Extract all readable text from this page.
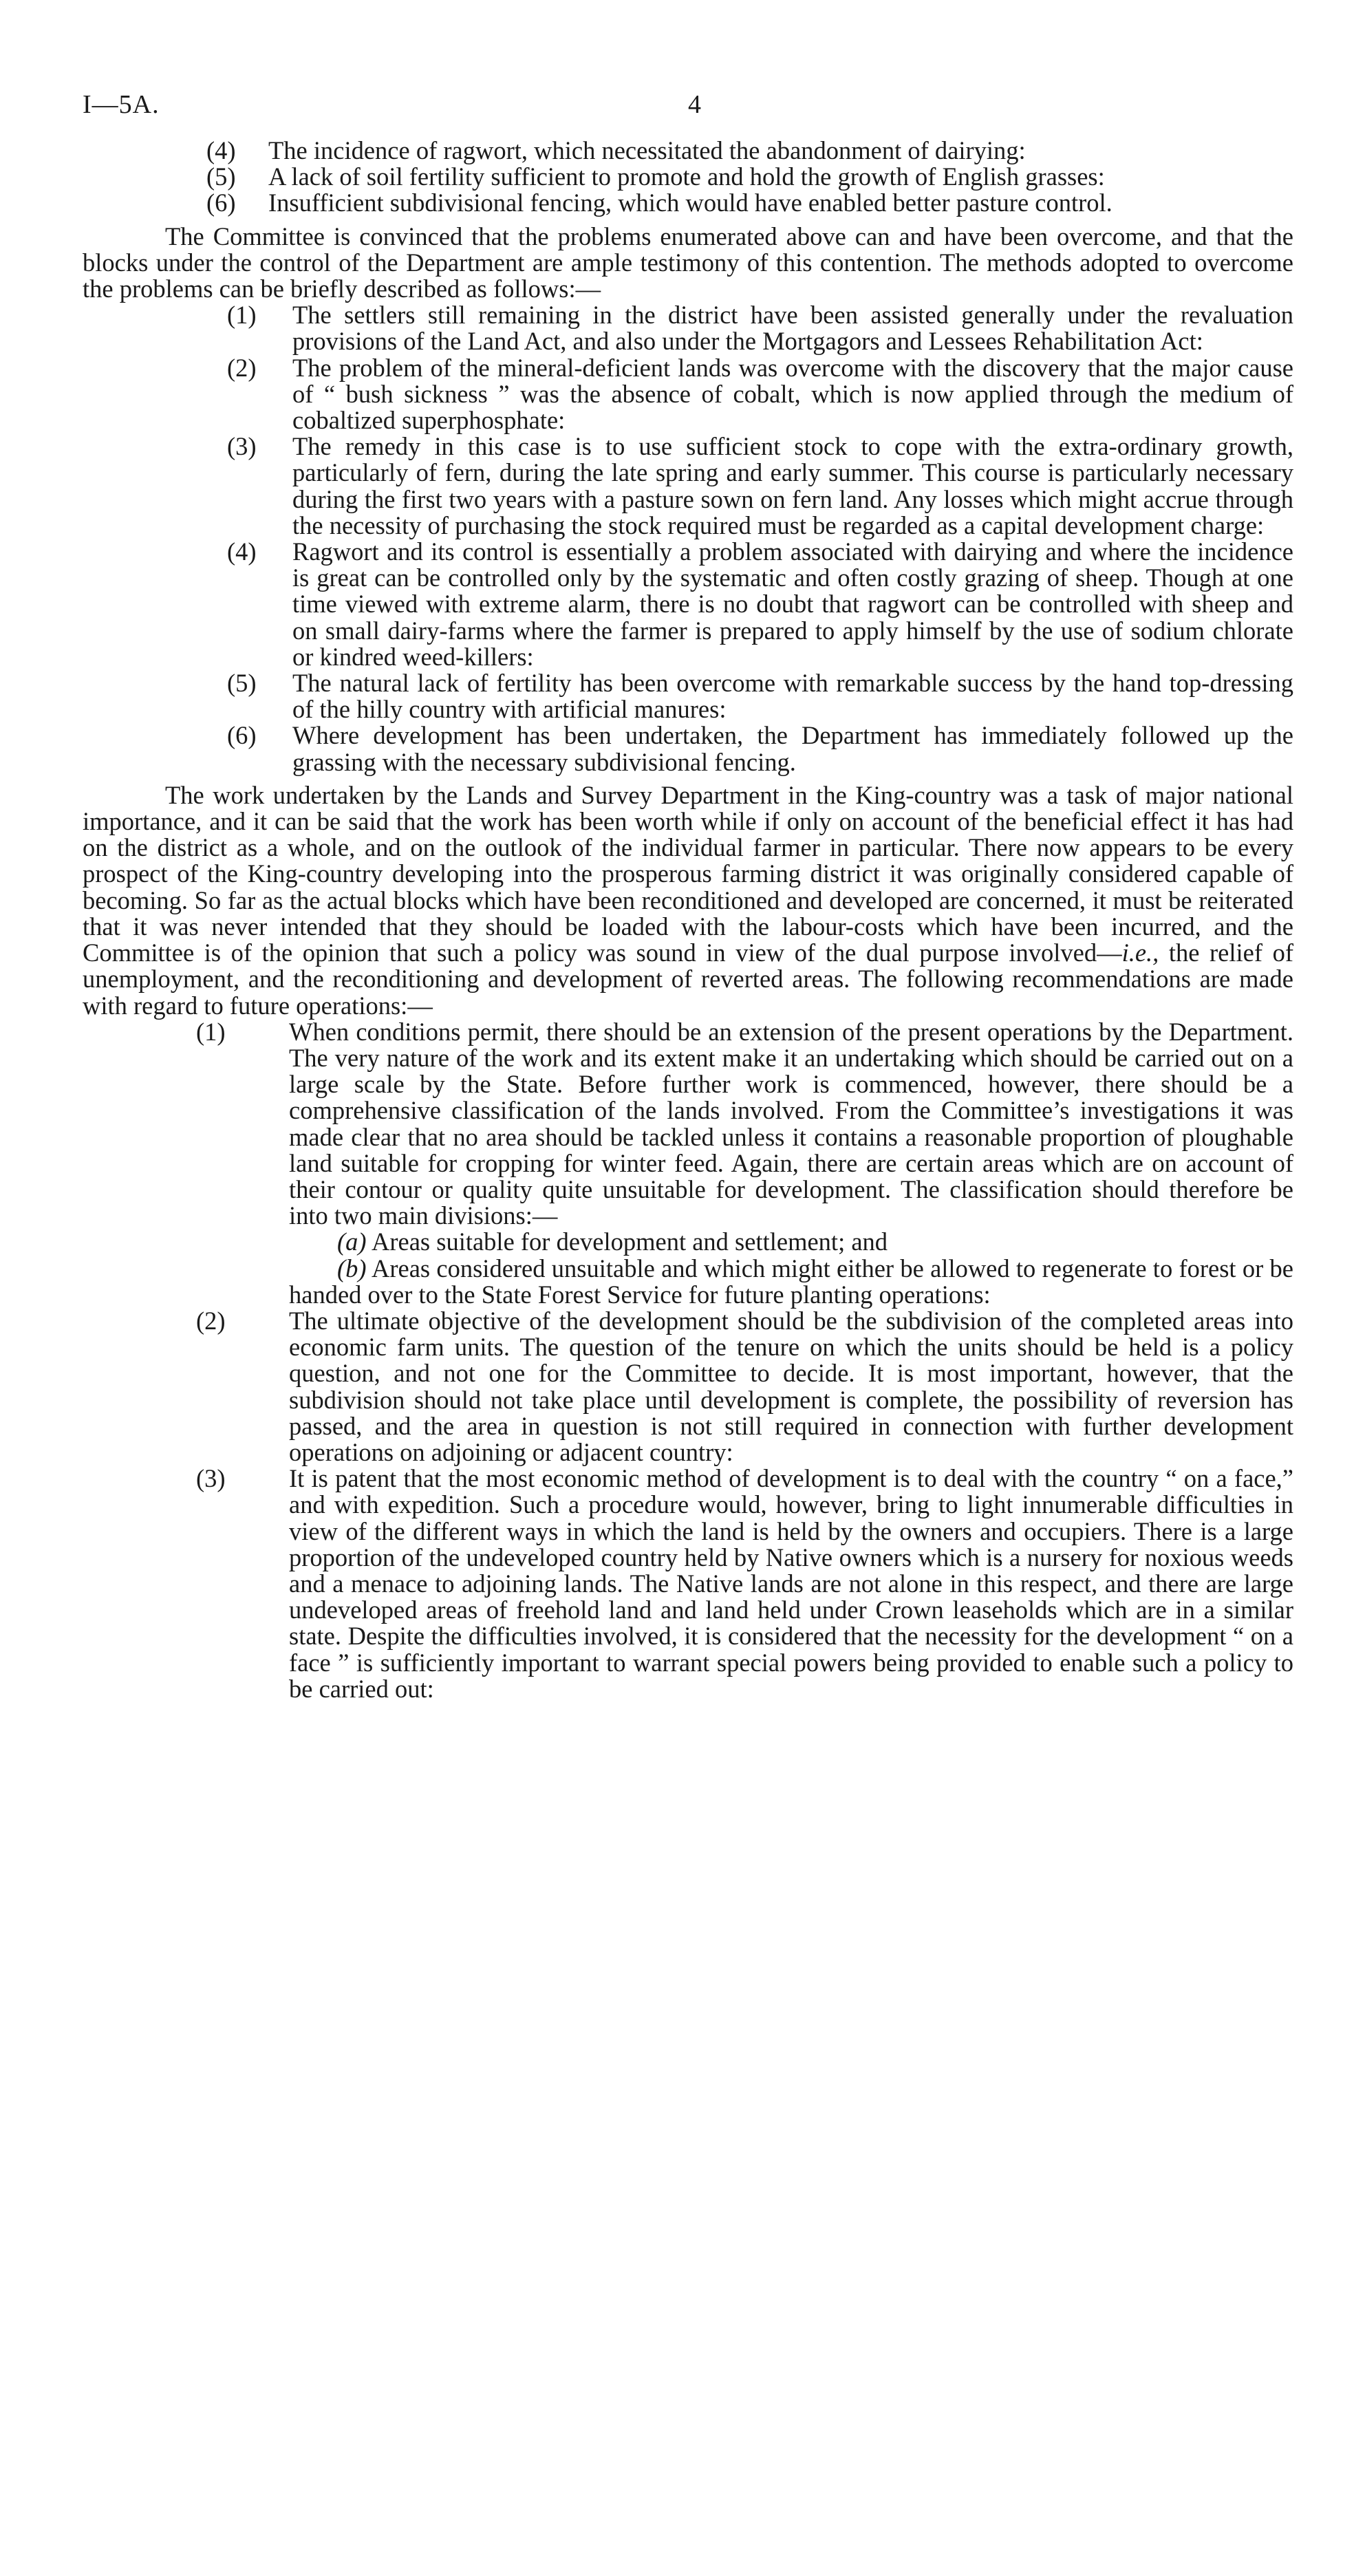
I—5A.	4
(4) The incidence of ragwort, which necessitated the abandonment of dairying:
(5) A lack of soil fertility sufficient to promote and hold the growth of English grasses:
(6) Insufficient subdivisional fencing, which would have enabled better pasture control.

The Committee is convinced that the problems enumerated above can and have been overcome, and that the blocks under the control of the Department are ample testimony of this contention. The methods adopted to overcome the problems can be briefly described as follows:—

(1) The settlers still remaining in the district have been assisted generally under the revaluation provisions of the Land Act, and also under the Mortgagors and Lessees Rehabilitation Act:
(2) The problem of the mineral-deficient lands was overcome with the discovery that the major cause of “ bush sickness ” was the absence of cobalt, which is now applied through the medium of cobaltized superphosphate:
(3) The remedy in this case is to use sufficient stock to cope with the extra-ordinary growth, particularly of fern, during the late spring and early summer. This course is particularly necessary during the first two years with a pasture sown on fern land. Any losses which might accrue through the necessity of purchasing the stock required must be regarded as a capital development charge:
(4) Ragwort and its control is essentially a problem associated with dairying and where the incidence is great can be controlled only by the systematic and often costly grazing of sheep. Though at one time viewed with extreme alarm, there is no doubt that ragwort can be controlled with sheep and on small dairy-farms where the farmer is prepared to apply himself by the use of sodium chlorate or kindred weed-killers:
(5) The natural lack of fertility has been overcome with remarkable success by the hand top-dressing of the hilly country with artificial manures:
(6) Where development has been undertaken, the Department has immediately followed up the grassing with the necessary subdivisional fencing.

The work undertaken by the Lands and Survey Department in the King-country was a task of major national importance, and it can be said that the work has been worth while if only on account of the beneficial effect it has had on the district as a whole, and on the outlook of the individual farmer in particular. There now appears to be every prospect of the King-country developing into the prosperous farming district it was originally considered capable of becoming. So far as the actual blocks which have been reconditioned and developed are concerned, it must be reiterated that it was never intended that they should be loaded with the labour-costs which have been incurred, and the Committee is of the opinion that such a policy was sound in view of the dual purpose involved—i.e., the relief of unemployment, and the reconditioning and development of reverted areas. The following recommendations are made with regard to future operations:—

(1)	When conditions permit, there should be an extension of the present operations by the Department. The very nature of the work and its extent make it an undertaking which should be carried out on a large scale by the State. Before further work is commenced, however, there should be a comprehensive classification of the lands involved. From the Committee’s investigations it was made clear that no area should be tackled unless it contains a reasonable proportion of ploughable land suitable for cropping for winter feed. Again, there are certain areas which are on account of their contour or quality quite unsuitable for development. The classification should therefore be into two main divisions:—
(a) Areas suitable for development and settlement; and
(b) Areas considered unsuitable and which might either be allowed to regenerate to forest or be handed over to the State Forest Service for future planting operations:
(2)	The ultimate objective of the development should be the subdivision of the completed areas into economic farm units. The question of the tenure on which the units should be held is a policy question, and not one for the Committee to decide. It is most important, however, that the subdivision should not take place until development is complete, the possibility of reversion has passed, and the area in question is not still required in connection with further development operations on adjoining or adjacent country:
(3)	It is patent that the most economic method of development is to deal with the country “ on a face,” and with expedition. Such a procedure would, however, bring to light innumerable difficulties in view of the different ways in which the land is held by the owners and occupiers. There is a large proportion of the undeveloped country held by Native owners which is a nursery for noxious weeds and a menace to adjoining lands. The Native lands are not alone in this respect, and there are large undeveloped areas of freehold land and land held under Crown leaseholds which are in a similar state. Despite the difficulties involved, it is considered that the necessity for the development “ on a face ” is sufficiently important to warrant special powers being provided to enable such a policy to be carried out:
